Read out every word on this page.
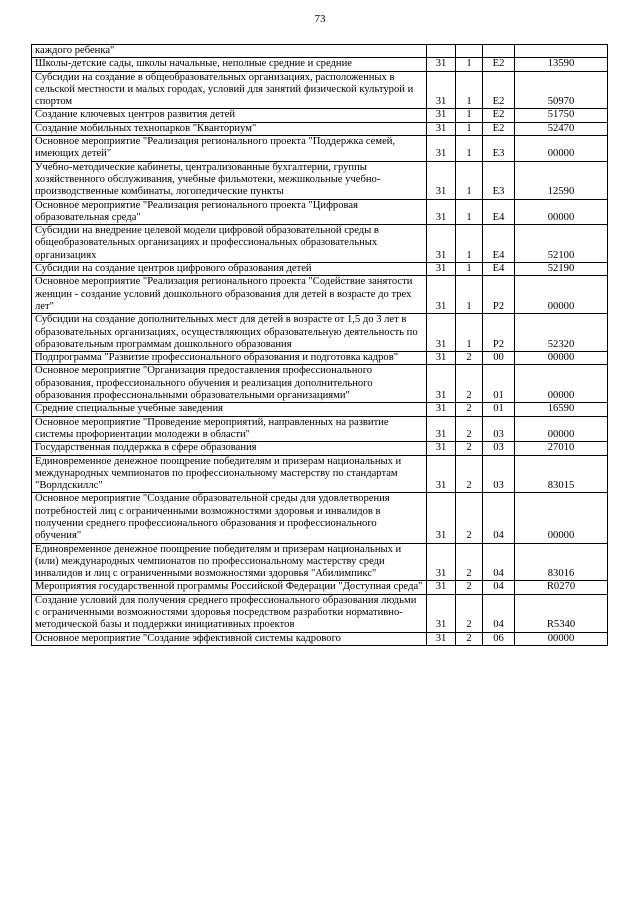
73
каждого ребенка"				
Школы-детские сады, школы начальные, неполные средние и средние	31	1	E2	13590
Субсидии на создание в общеобразовательных организациях, расположенных в сельской местности и малых городах, условий для занятий физической культурой и спортом	31	1	E2	50970
Создание ключевых центров развития детей	31	1	E2	51750
Создание мобильных технопарков "Кванториум"	31	1	E2	52470
Основное мероприятие "Реализация регионального проекта "Поддержка семей, имеющих детей"	31	1	E3	00000
Учебно-методические кабинеты, централизованные бухгалтерии, группы хозяйственного обслуживания, учебные фильмотеки, межшкольные учебно-производственные комбинаты, логопедические пункты	31	1	E3	12590
Основное мероприятие "Реализация регионального проекта "Цифровая образовательная среда"	31	1	E4	00000
Субсидии на внедрение целевой модели цифровой образовательной среды в общеобразовательных организациях и профессиональных образовательных организациях	31	1	E4	52100
Субсидии на создание центров цифрового образования детей	31	1	E4	52190
Основное мероприятие "Реализация регионального проекта "Содействие занятости женщин - создание условий дошкольного образования для детей в возрасте до трех лет"	31	1	P2	00000
Субсидии на создание дополнительных мест для детей в возрасте от 1,5 до 3 лет в образовательных организациях, осуществляющих образовательную деятельность по образовательным программам дошкольного образования	31	1	P2	52320
Подпрограмма "Развитие профессионального образования и подготовка кадров"	31	2	00	00000
Основное мероприятие "Организация предоставления профессионального образования, профессионального обучения и реализация дополнительного образования профессиональными образовательными организациями"	31	2	01	00000
Средние специальные учебные заведения	31	2	01	16590
Основное мероприятие "Проведение мероприятий, направленных на развитие системы профориентации молодежи в области"	31	2	03	00000
Государственная поддержка в сфере образования	31	2	03	27010
Единовременное денежное поощрение победителям и призерам национальных и международных чемпионатов по профессиональному мастерству по стандартам "Ворлдскиллс"	31	2	03	83015
Основное мероприятие "Создание образовательной среды для удовлетворения потребностей лиц с ограниченными возможностями здоровья и инвалидов в получении среднего профессионального образования и профессионального обучения"	31	2	04	00000
Единовременное денежное поощрение победителям и призерам национальных и (или) международных чемпионатов по профессиональному мастерству среди инвалидов и лиц с ограниченными возможностями здоровья "Абилимпикс"	31	2	04	83016
Мероприятия государственной программы Российской Федерации "Доступная среда"	31	2	04	R0270
Создание условий для получения среднего профессионального образования людьми с ограниченными возможностями здоровья посредством разработки нормативно-методической базы и поддержки инициативных проектов	31	2	04	R5340
Основное мероприятие "Создание эффективной системы кадрового	31	2	06	00000
